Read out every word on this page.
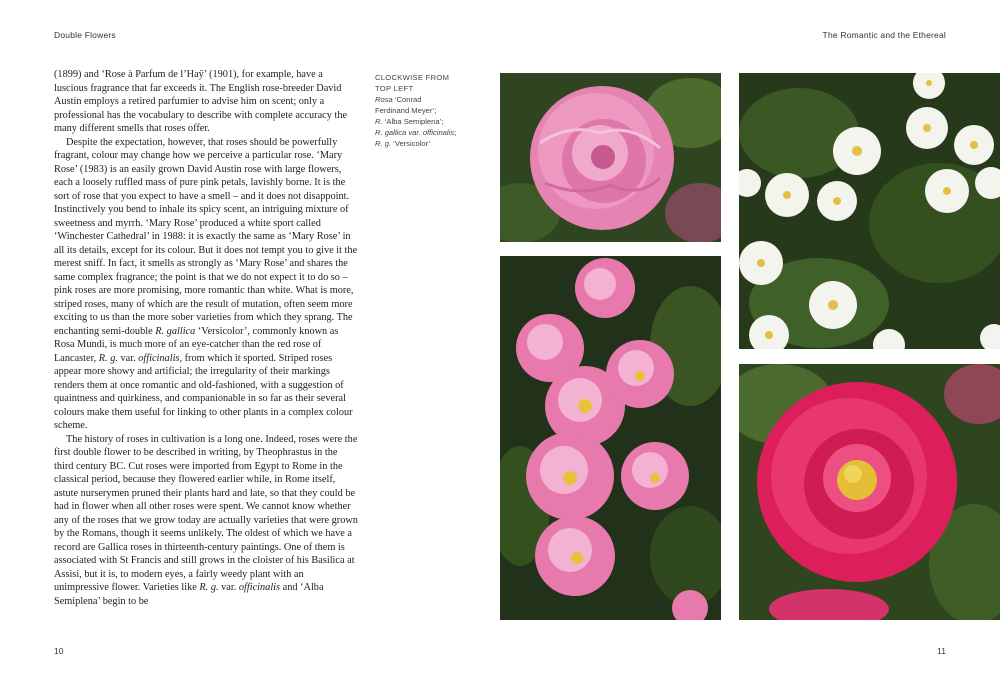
Double Flowers	The Romantic and the Ethereal

(1899) and ‘Rose à Parfum de l’Haÿ’ (1901), for example, have a luscious fragrance that far exceeds it. The English rose-breeder David Austin employs a retired parfumier to advise him on scent; only a professional has the vocabulary to describe with complete accuracy the many different smells that roses offer.

Despite the expectation, however, that roses should be powerfully fragrant, colour may change how we perceive a particular rose. ‘Mary Rose’ (1983) is an easily grown David Austin rose with large flowers, each a loosely ruffled mass of pure pink petals, lavishly borne. It is the sort of rose that you expect to have a smell – and it does not disappoint. Instinctively you bend to inhale its spicy scent, an intriguing mixture of sweetness and myrrh. ‘Mary Rose’ produced a white sport called ‘Winchester Cathedral’ in 1988: it is exactly the same as ‘Mary Rose’ in all its details, except for its colour. But it does not tempt you to give it the merest sniff. In fact, it smells as strongly as ‘Mary Rose’ and shares the same complex fragrance; the point is that we do not expect it to do so – pink roses are more promising, more romantic than white. What is more, striped roses, many of which are the result of mutation, often seem more exciting to us than the more sober varieties from which they sprang. The enchanting semi-double R. gallica ‘Versicolor’, commonly known as Rosa Mundi, is much more of an eye-catcher than the red rose of Lancaster, R. g. var. officinalis, from which it sported. Striped roses appear more showy and artificial; the irregularity of their markings renders them at once romantic and old-fashioned, with a suggestion of quaintness and quirkiness, and companionable in so far as their several colours make them useful for linking to other plants in a complex colour scheme.

The history of roses in cultivation is a long one. Indeed, roses were the first double flower to be described in writing, by Theophrastus in the third century BC. Cut roses were imported from Egypt to Rome in the classical period, because they flowered earlier while, in Rome itself, astute nurserymen pruned their plants hard and late, so that they could be had in flower when all other roses were spent. We cannot know whether any of the roses that we grow today are actually varieties that were grown by the Romans, though it seems unlikely. The oldest of which we have a record are Gallica roses in thirteenth-century paintings. One of them is associated with St Francis and still grows in the cloister of his Basilica at Assisi, but it is, to modern eyes, a fairly weedy plant with an unimpressive flower. Varieties like R. g. var. officinalis and ‘Alba Semiplena’ begin to be

CLOCKWISE FROM
TOP LEFT
Rosa ‘Conrad
Ferdinand Meyer’;
R. ‘Alba Semiplena’;
R. gallica var. officinalis;
R. g. ‘Versicolor’
10	11
